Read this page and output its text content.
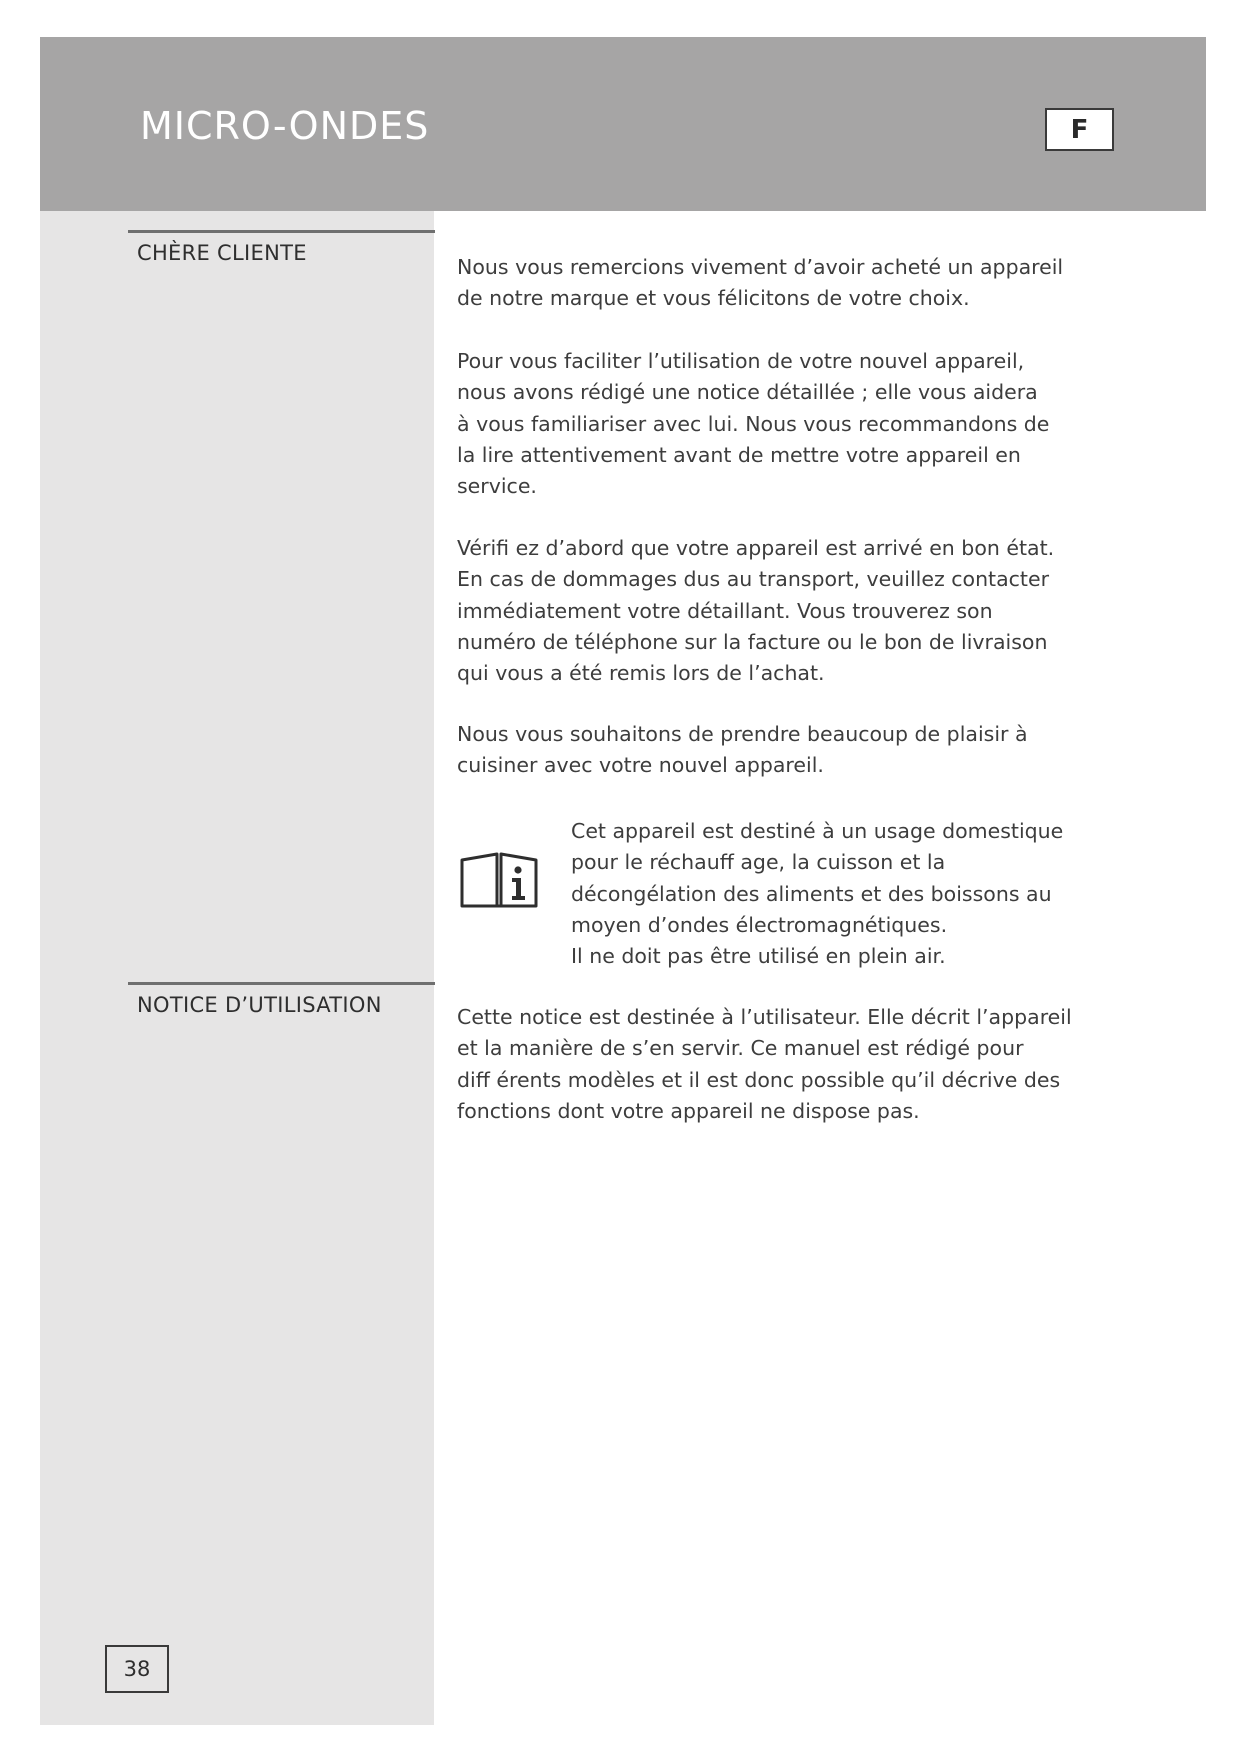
MICRO-ONDES	F
CHÈRE CLIENTE
NOTICE D’UTILISATION
38

Nous vous remercions vivement d’avoir acheté un appareil
de notre marque et vous félicitons de votre choix.

Pour vous faciliter l’utilisation de votre nouvel appareil,
nous avons rédigé une notice détaillée ; elle vous aidera
à vous familiariser avec lui. Nous vous recommandons de
la lire attentivement avant de mettre votre appareil en
service.

Vérifi ez d’abord que votre appareil est arrivé en bon état.
En cas de dommages dus au transport, veuillez contacter
immédiatement votre détaillant. Vous trouverez son
numéro de téléphone sur la facture ou le bon de livraison
qui vous a été remis lors de l’achat.

Nous vous souhaitons de prendre beaucoup de plaisir à
cuisiner avec votre nouvel appareil.

Cet appareil est destiné à un usage domestique
pour le réchauff age, la cuisson et la
décongélation des aliments et des boissons au
moyen d’ondes électromagnétiques.
Il ne doit pas être utilisé en plein air.

Cette notice est destinée à l’utilisateur. Elle décrit l’appareil
et la manière de s’en servir. Ce manuel est rédigé pour
diff érents modèles et il est donc possible qu’il décrive des
fonctions dont votre appareil ne dispose pas.
